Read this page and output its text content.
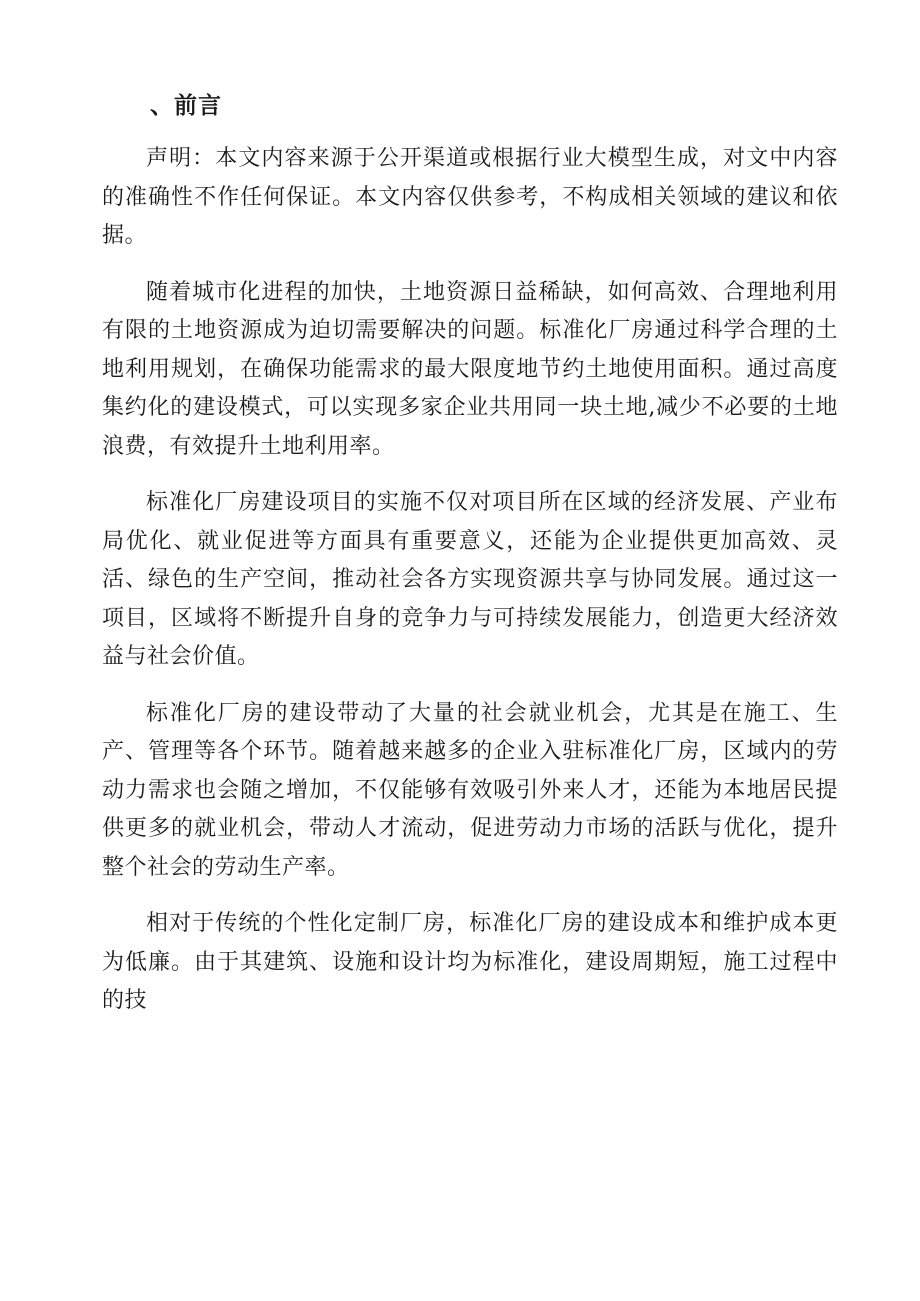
、前言

声明：本文内容来源于公开渠道或根据行业大模型生成，对文中内容的准确性不作任何保证。本文内容仅供参考，不构成相关领域的建议和依据。

随着城市化进程的加快，土地资源日益稀缺，如何高效、合理地利用有限的土地资源成为迫切需要解决的问题。标准化厂房通过科学合理的土地利用规划，在确保功能需求的最大限度地节约土地使用面积。通过高度集约化的建设模式，可以实现多家企业共用同一块土地,减少不必要的土地浪费，有效提升土地利用率。

标准化厂房建设项目的实施不仅对项目所在区域的经济发展、产业布局优化、就业促进等方面具有重要意义，还能为企业提供更加高效、灵活、绿色的生产空间，推动社会各方实现资源共享与协同发展。通过这一项目，区域将不断提升自身的竞争力与可持续发展能力，创造更大经济效益与社会价值。

标准化厂房的建设带动了大量的社会就业机会，尤其是在施工、生产、管理等各个环节。随着越来越多的企业入驻标准化厂房，区域内的劳动力需求也会随之增加，不仅能够有效吸引外来人才，还能为本地居民提供更多的就业机会，带动人才流动，促进劳动力市场的活跃与优化，提升整个社会的劳动生产率。

相对于传统的个性化定制厂房，标准化厂房的建设成本和维护成本更为低廉。由于其建筑、设施和设计均为标准化，建设周期短，施工过程中的技
